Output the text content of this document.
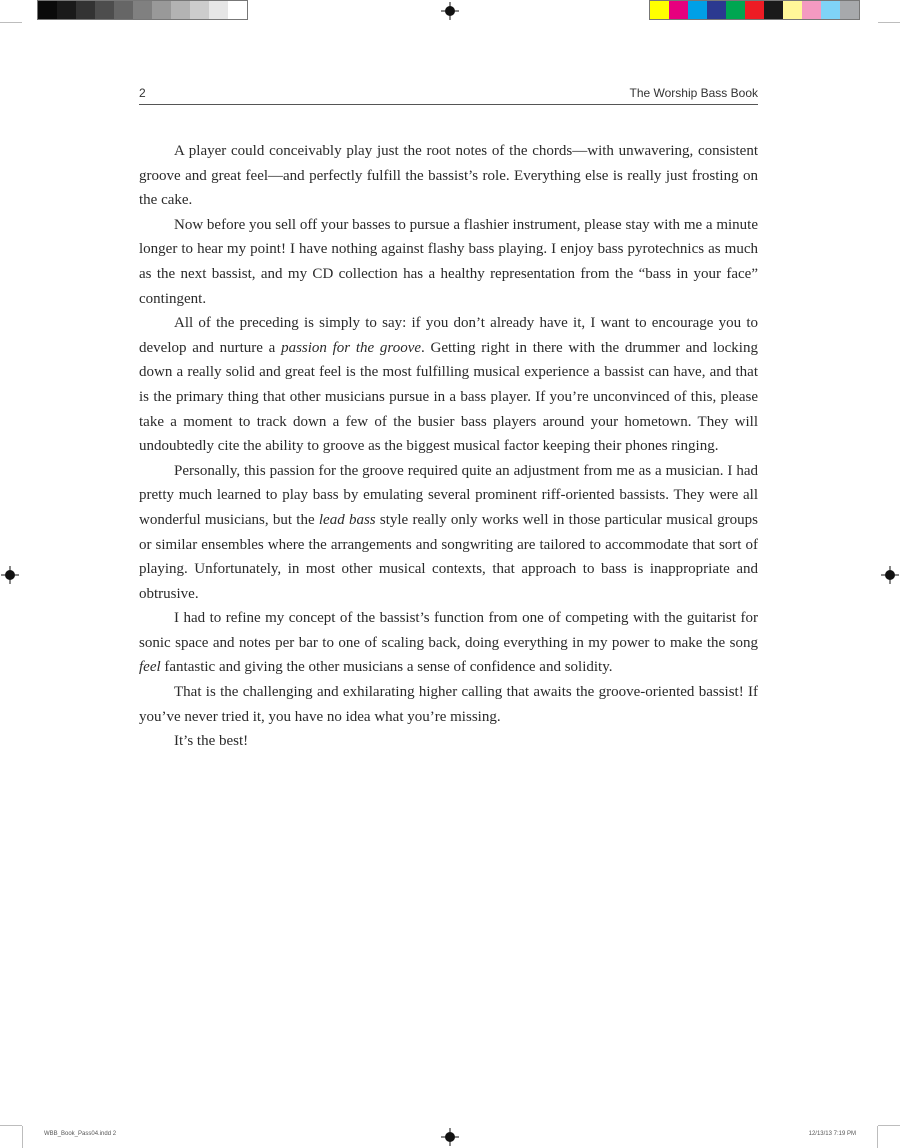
2	The Worship Bass Book

A player could conceivably play just the root notes of the chords—with unwavering, consistent groove and great feel—and perfectly fulfill the bassist’s role. Everything else is really just frosting on the cake.

Now before you sell off your basses to pursue a flashier instrument, please stay with me a minute longer to hear my point! I have nothing against flashy bass playing. I enjoy bass pyrotechnics as much as the next bassist, and my CD collection has a healthy representation from the “bass in your face” contingent.

All of the preceding is simply to say: if you don’t already have it, I want to encourage you to develop and nurture a passion for the groove. Getting right in there with the drummer and locking down a really solid and great feel is the most fulfilling musical experience a bassist can have, and that is the primary thing that other musicians pursue in a bass player. If you’re unconvinced of this, please take a moment to track down a few of the busier bass players around your hometown. They will undoubtedly cite the ability to groove as the biggest musical factor keeping their phones ringing.

Personally, this passion for the groove required quite an adjustment from me as a musician. I had pretty much learned to play bass by emulating several prominent riff-oriented bassists. They were all wonderful musicians, but the lead bass style really only works well in those particular musical groups or similar ensembles where the arrangements and songwriting are tailored to accommodate that sort of playing. Unfortunately, in most other musical contexts, that approach to bass is inappropriate and obtrusive.

I had to refine my concept of the bassist’s function from one of competing with the guitarist for sonic space and notes per bar to one of scaling back, doing everything in my power to make the song feel fantastic and giving the other musicians a sense of confidence and solidity.

That is the challenging and exhilarating higher calling that awaits the groove-oriented bassist! If you’ve never tried it, you have no idea what you’re missing.

It’s the best!

WBB_Book_Pass04.indd 2	12/13/13 7:19 PM
